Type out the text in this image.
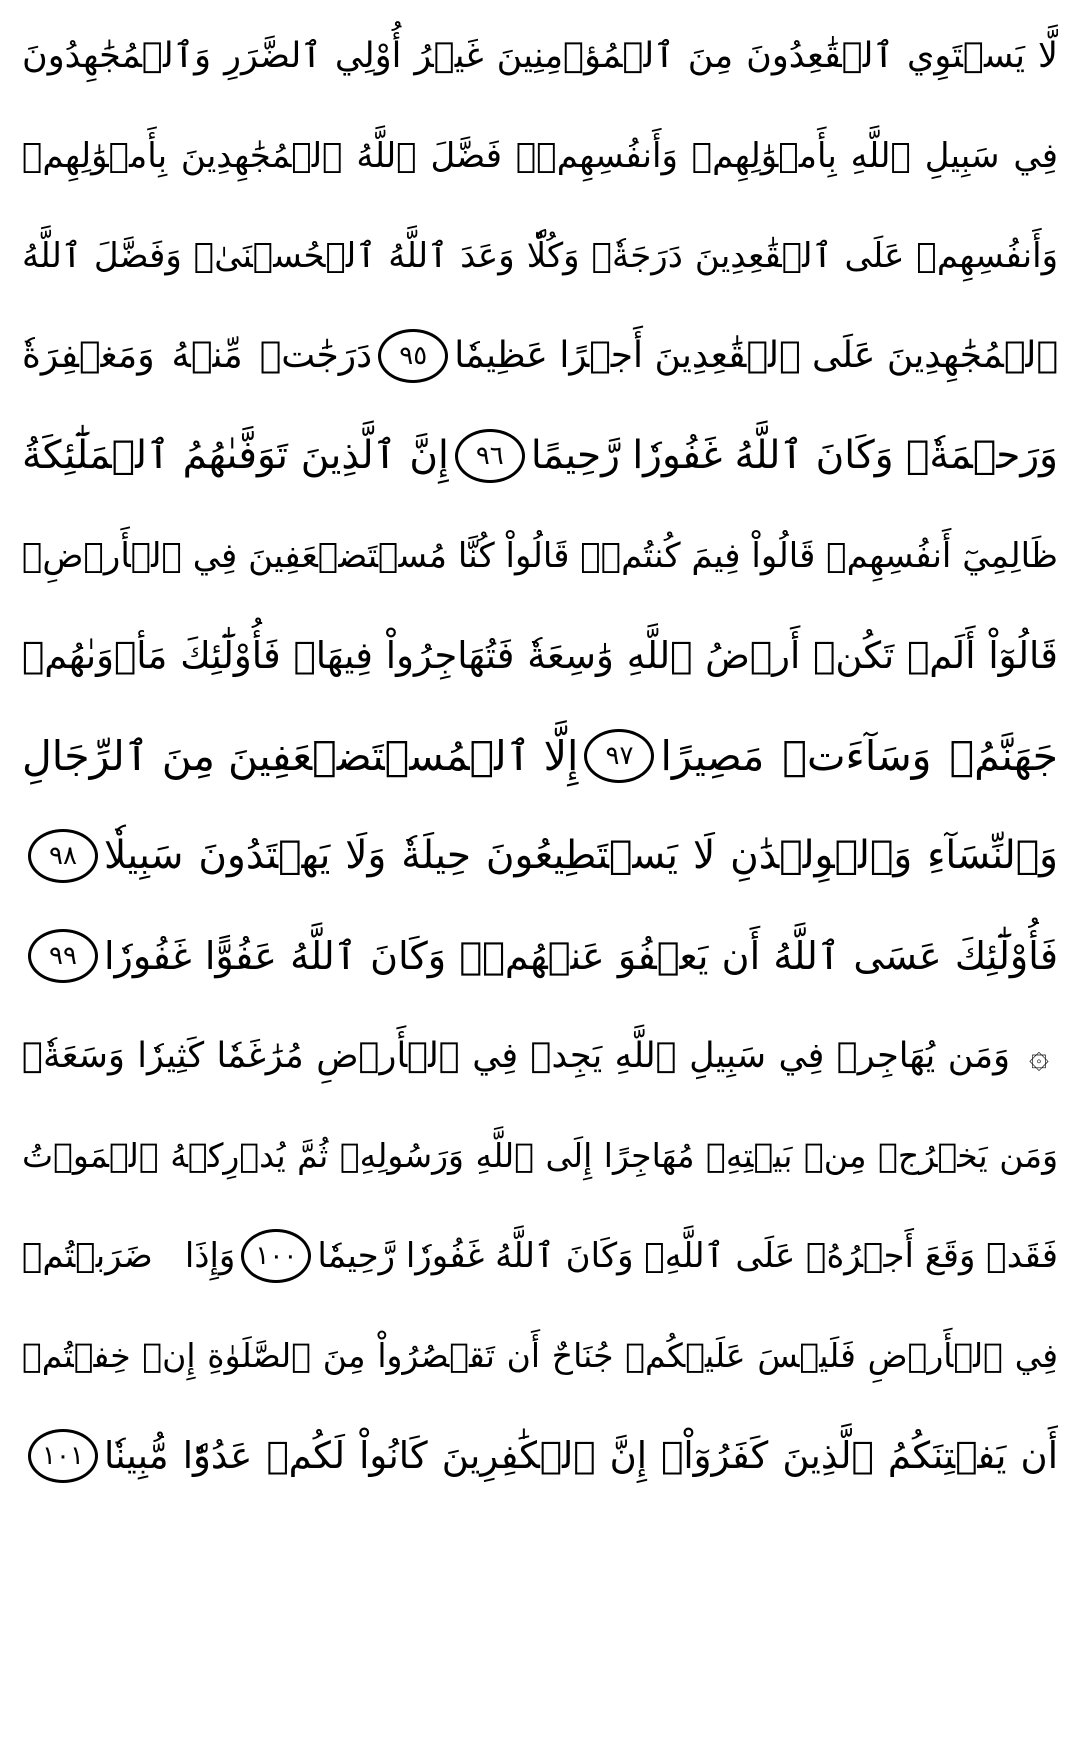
لَّا يَسۡتَوِي ٱلۡقَٰعِدُونَ مِنَ ٱلۡمُؤۡمِنِينَ غَيۡرُ أُوْلِي ٱلضَّرَرِ وَٱلۡمُجَٰهِدُونَ
فِي سَبِيلِ ٱللَّهِ بِأَمۡوَٰلِهِمۡ وَأَنفُسِهِمۡۚ فَضَّلَ ٱللَّهُ ٱلۡمُجَٰهِدِينَ بِأَمۡوَٰلِهِمۡ
وَأَنفُسِهِمۡ عَلَى ٱلۡقَٰعِدِينَ دَرَجَةٗۚ وَكُلّٗا وَعَدَ ٱللَّهُ ٱلۡحُسۡنَىٰۚ وَفَضَّلَ ٱللَّهُ
ٱلۡمُجَٰهِدِينَ عَلَى ٱلۡقَٰعِدِينَ أَجۡرًا عَظِيمٗا
٩٥
دَرَجَٰتٖ مِّنۡهُ وَمَغۡفِرَةٗ
وَرَحۡمَةٗۚ وَكَانَ ٱللَّهُ غَفُورٗا رَّحِيمًا
٩٦
إِنَّ ٱلَّذِينَ تَوَفَّىٰهُمُ ٱلۡمَلَٰٓئِكَةُ
ظَالِمِيٓ أَنفُسِهِمۡ قَالُواْ فِيمَ كُنتُمۡۖ قَالُواْ كُنَّا مُسۡتَضۡعَفِينَ فِي ٱلۡأَرۡضِۚ
قَالُوٓاْ أَلَمۡ تَكُنۡ أَرۡضُ ٱللَّهِ وَٰسِعَةٗ فَتُهَاجِرُواْ فِيهَاۚ فَأُوْلَٰٓئِكَ مَأۡوَىٰهُمۡ
جَهَنَّمُۖ وَسَآءَتۡ مَصِيرًا
٩٧
إِلَّا ٱلۡمُسۡتَضۡعَفِينَ مِنَ ٱلرِّجَالِ
وَٱلنِّسَآءِ وَٱلۡوِلۡدَٰنِ لَا يَسۡتَطِيعُونَ حِيلَةٗ وَلَا يَهۡتَدُونَ سَبِيلٗا
٩٨
فَأُوْلَٰٓئِكَ عَسَى ٱللَّهُ أَن يَعۡفُوَ عَنۡهُمۡۚ وَكَانَ ٱللَّهُ عَفُوًّا غَفُورٗا
٩٩
۞
وَمَن يُهَاجِرۡ فِي سَبِيلِ ٱللَّهِ يَجِدۡ فِي ٱلۡأَرۡضِ مُرَٰغَمٗا كَثِيرٗا وَسَعَةٗۚ
وَمَن يَخۡرُجۡ مِنۢ بَيۡتِهِۦ مُهَاجِرًا إِلَى ٱللَّهِ وَرَسُولِهِۦ ثُمَّ يُدۡرِكۡهُ ٱلۡمَوۡتُ
فَقَدۡ وَقَعَ أَجۡرُهُۥ عَلَى ٱللَّهِۗ وَكَانَ ٱللَّهُ غَفُورٗا رَّحِيمٗا
١٠٠
وَإِذَا ضَرَبۡتُمۡ
فِي ٱلۡأَرۡضِ فَلَيۡسَ عَلَيۡكُمۡ جُنَاحٌ أَن تَقۡصُرُواْ مِنَ ٱلصَّلَوٰةِ إِنۡ خِفۡتُمۡ
أَن يَفۡتِنَكُمُ ٱلَّذِينَ كَفَرُوٓاْۚ إِنَّ ٱلۡكَٰفِرِينَ كَانُواْ لَكُمۡ عَدُوّٗا مُّبِينٗا
١٠١
